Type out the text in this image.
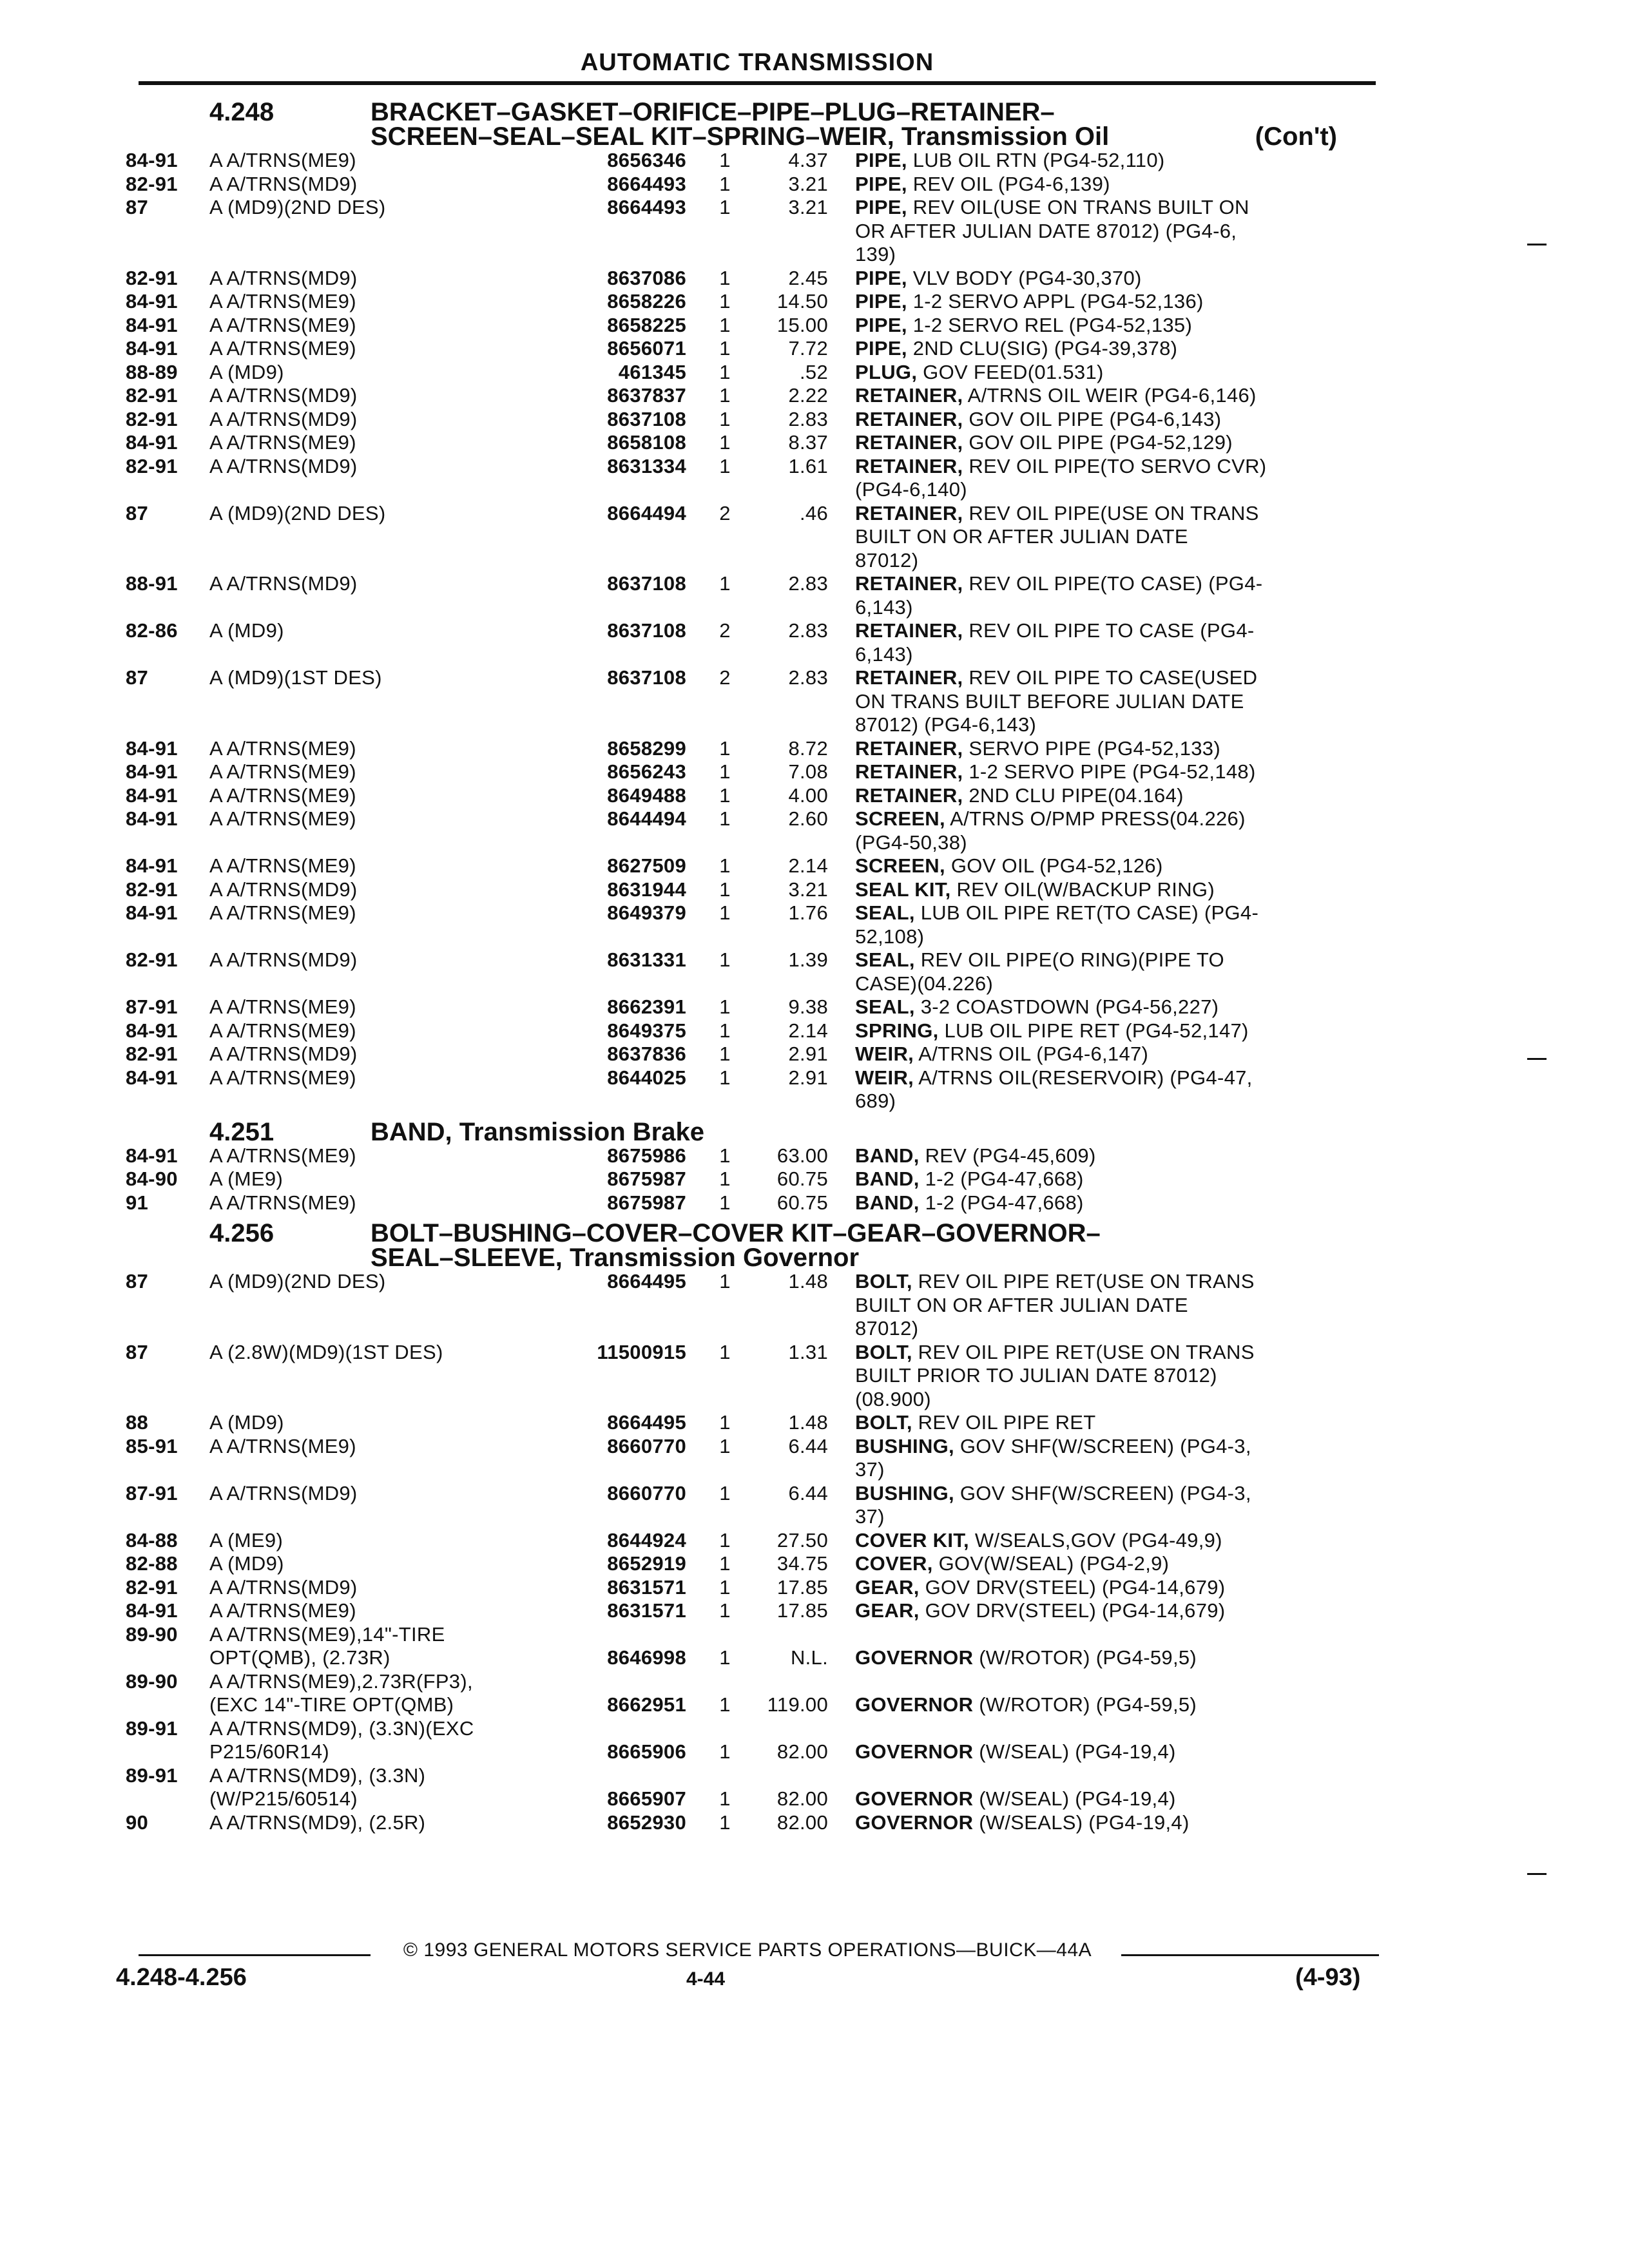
AUTOMATIC TRANSMISSION
4.248	BRACKET–GASKET–ORIFICE–PIPE–PLUG–RETAINER–
SCREEN–SEAL–SEAL KIT–SPRING–WEIR, Transmission Oil	(Con't)
84-91	A A/TRNS(ME9)	8656346	1	4.37	PIPE, LUB OIL RTN (PG4-52,110)
82-91	A A/TRNS(MD9)	8664493	1	3.21	PIPE, REV OIL (PG4-6,139)
87	A (MD9)(2ND DES)	8664493	1	3.21	PIPE, REV OIL(USE ON TRANS BUILT ON
OR AFTER JULIAN DATE 87012) (PG4-6,
139)
82-91	A A/TRNS(MD9)	8637086	1	2.45	PIPE, VLV BODY (PG4-30,370)
84-91	A A/TRNS(ME9)	8658226	1	14.50	PIPE, 1-2 SERVO APPL (PG4-52,136)
84-91	A A/TRNS(ME9)	8658225	1	15.00	PIPE, 1-2 SERVO REL (PG4-52,135)
84-91	A A/TRNS(ME9)	8656071	1	7.72	PIPE, 2ND CLU(SIG) (PG4-39,378)
88-89	A (MD9)	461345	1	.52	PLUG, GOV FEED(01.531)
82-91	A A/TRNS(MD9)	8637837	1	2.22	RETAINER, A/TRNS OIL WEIR (PG4-6,146)
82-91	A A/TRNS(MD9)	8637108	1	2.83	RETAINER, GOV OIL PIPE (PG4-6,143)
84-91	A A/TRNS(ME9)	8658108	1	8.37	RETAINER, GOV OIL PIPE (PG4-52,129)
82-91	A A/TRNS(MD9)	8631334	1	1.61	RETAINER, REV OIL PIPE(TO SERVO CVR)
(PG4-6,140)
87	A (MD9)(2ND DES)	8664494	2	.46	RETAINER, REV OIL PIPE(USE ON TRANS
BUILT ON OR AFTER JULIAN DATE
87012)
88-91	A A/TRNS(MD9)	8637108	1	2.83	RETAINER, REV OIL PIPE(TO CASE) (PG4-
6,143)
82-86	A (MD9)	8637108	2	2.83	RETAINER, REV OIL PIPE TO CASE (PG4-
6,143)
87	A (MD9)(1ST DES)	8637108	2	2.83	RETAINER, REV OIL PIPE TO CASE(USED
ON TRANS BUILT BEFORE JULIAN DATE
87012) (PG4-6,143)
84-91	A A/TRNS(ME9)	8658299	1	8.72	RETAINER, SERVO PIPE (PG4-52,133)
84-91	A A/TRNS(ME9)	8656243	1	7.08	RETAINER, 1-2 SERVO PIPE (PG4-52,148)
84-91	A A/TRNS(ME9)	8649488	1	4.00	RETAINER, 2ND CLU PIPE(04.164)
84-91	A A/TRNS(ME9)	8644494	1	2.60	SCREEN, A/TRNS O/PMP PRESS(04.226)
(PG4-50,38)
84-91	A A/TRNS(ME9)	8627509	1	2.14	SCREEN, GOV OIL (PG4-52,126)
82-91	A A/TRNS(MD9)	8631944	1	3.21	SEAL KIT, REV OIL(W/BACKUP RING)
84-91	A A/TRNS(ME9)	8649379	1	1.76	SEAL, LUB OIL PIPE RET(TO CASE) (PG4-
52,108)
82-91	A A/TRNS(MD9)	8631331	1	1.39	SEAL, REV OIL PIPE(O RING)(PIPE TO
CASE)(04.226)
87-91	A A/TRNS(ME9)	8662391	1	9.38	SEAL, 3-2 COASTDOWN (PG4-56,227)
84-91	A A/TRNS(ME9)	8649375	1	2.14	SPRING, LUB OIL PIPE RET (PG4-52,147)
82-91	A A/TRNS(MD9)	8637836	1	2.91	WEIR, A/TRNS OIL (PG4-6,147)
84-91	A A/TRNS(ME9)	8644025	1	2.91	WEIR, A/TRNS OIL(RESERVOIR) (PG4-47,
689)
4.251	BAND, Transmission Brake
84-91	A A/TRNS(ME9)	8675986	1	63.00	BAND, REV (PG4-45,609)
84-90	A (ME9)	8675987	1	60.75	BAND, 1-2 (PG4-47,668)
91	A A/TRNS(ME9)	8675987	1	60.75	BAND, 1-2 (PG4-47,668)
4.256	BOLT–BUSHING–COVER–COVER KIT–GEAR–GOVERNOR–
SEAL–SLEEVE, Transmission Governor
87	A (MD9)(2ND DES)	8664495	1	1.48	BOLT, REV OIL PIPE RET(USE ON TRANS
BUILT ON OR AFTER JULIAN DATE
87012)
87	A (2.8W)(MD9)(1ST DES)	11500915	1	1.31	BOLT, REV OIL PIPE RET(USE ON TRANS
BUILT PRIOR TO JULIAN DATE 87012)
(08.900)
88	A (MD9)	8664495	1	1.48	BOLT, REV OIL PIPE RET
85-91	A A/TRNS(ME9)	8660770	1	6.44	BUSHING, GOV SHF(W/SCREEN) (PG4-3,
37)
87-91	A A/TRNS(MD9)	8660770	1	6.44	BUSHING, GOV SHF(W/SCREEN) (PG4-3,
37)
84-88	A (ME9)	8644924	1	27.50	COVER KIT, W/SEALS,GOV (PG4-49,9)
82-88	A (MD9)	8652919	1	34.75	COVER, GOV(W/SEAL) (PG4-2,9)
82-91	A A/TRNS(MD9)	8631571	1	17.85	GEAR, GOV DRV(STEEL) (PG4-14,679)
84-91	A A/TRNS(ME9)	8631571	1	17.85	GEAR, GOV DRV(STEEL) (PG4-14,679)
89-90	A A/TRNS(ME9),14"-TIRE
OPT(QMB), (2.73R)	8646998	1	N.L.	GOVERNOR (W/ROTOR) (PG4-59,5)
89-90	A A/TRNS(ME9),2.73R(FP3),
(EXC 14"-TIRE OPT(QMB)	8662951	1	119.00	GOVERNOR (W/ROTOR) (PG4-59,5)
89-91	A A/TRNS(MD9), (3.3N)(EXC
P215/60R14)	8665906	1	82.00	GOVERNOR (W/SEAL) (PG4-19,4)
89-91	A A/TRNS(MD9), (3.3N)
(W/P215/60514)	8665907	1	82.00	GOVERNOR (W/SEAL) (PG4-19,4)
90	A A/TRNS(MD9), (2.5R)	8652930	1	82.00	GOVERNOR (W/SEALS) (PG4-19,4)
© 1993 GENERAL MOTORS SERVICE PARTS OPERATIONS—BUICK—44A
4.248-4.256	4-44	(4-93)
